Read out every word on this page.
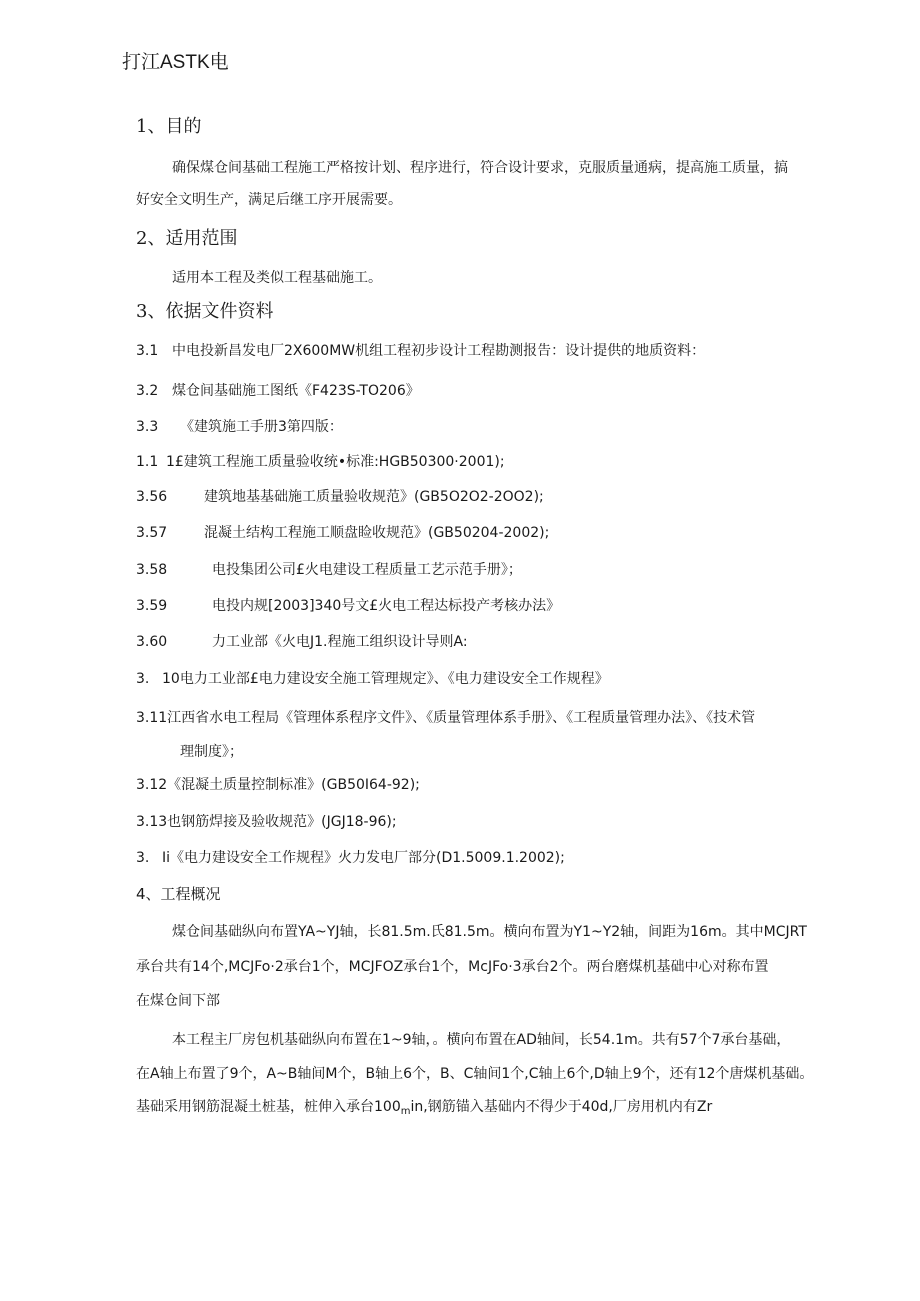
打江ASTK电
1、目的
确保煤仓间基础工程施工严格按计划、程序进行，符合设计要求，克服质量通病，提高施工质量，搞
好安全文明生产，满足后继工序开展需要。
2、适用范围
适用本工程及类似工程基础施工。
3、依据文件资料
3.1 中电投新昌发电厂2X600MW机组工程初步设计工程勘测报告：设计提供的地质资料：
3.2 煤仓间基础施工图纸《F423S-TO206》
3.3 《建筑施工手册3第四版：
1.1 1£建筑工程施工质量验收统•标准:HGB50300·2001);
3.56	建筑地基基础施工质量验收规范》(GB5O2O2-2OO2);
3.57	混凝土结构工程施工顺盘睑收规范》(GB50204-2002);
3.58	电投集团公司£火电建设工程质量工艺示范手册》；
3.59	电投内规[2003]340号文£火电工程达标投产考核办法》
3.60	力工业部《火电J1.程施工组织设计导则A:
3. 10电力工业部£电力建设安全施工管理规定》、《电力建设安全工作规程》
3.11江西省水电工程局《管理体系程序文件》、《质量管理体系手册》、《工程质量管理办法》、《技术管
理制度》；
3.12《混凝土质量控制标准》(GB50I64-92);
3.13也钢筋焊接及验收规范》(JGJ18-96);
3. Ii《电力建设安全工作规程》火力发电厂部分(D1.5009.1.2002);
4、工程概况
煤仓间基础纵向布置YA~YJ轴，长81.5m.氏81.5m。横向布置为Y1~Y2轴，间距为16m。其中MCJRT
承台共有14个,MCJFo·2承台1个，MCJFOZ承台1个，McJFo·3承台2个。两台磨煤机基础中心对称布置
在煤仓间下部
本工程主厂房包机基础纵向布置在1~9轴，。横向布置在AD轴间，长54.1m。共有57个7承台基础，
在A轴上布置了9个，A~B轴间M个，B轴上6个，B、C轴间1个,C轴上6个,D轴上9个，还有12个唐煤机基础。
基础采用钢筋混凝土桩基，桩伸入承台$100_min$,钢筋锚入基础内不得少于40d,厂房用机内有Zr
